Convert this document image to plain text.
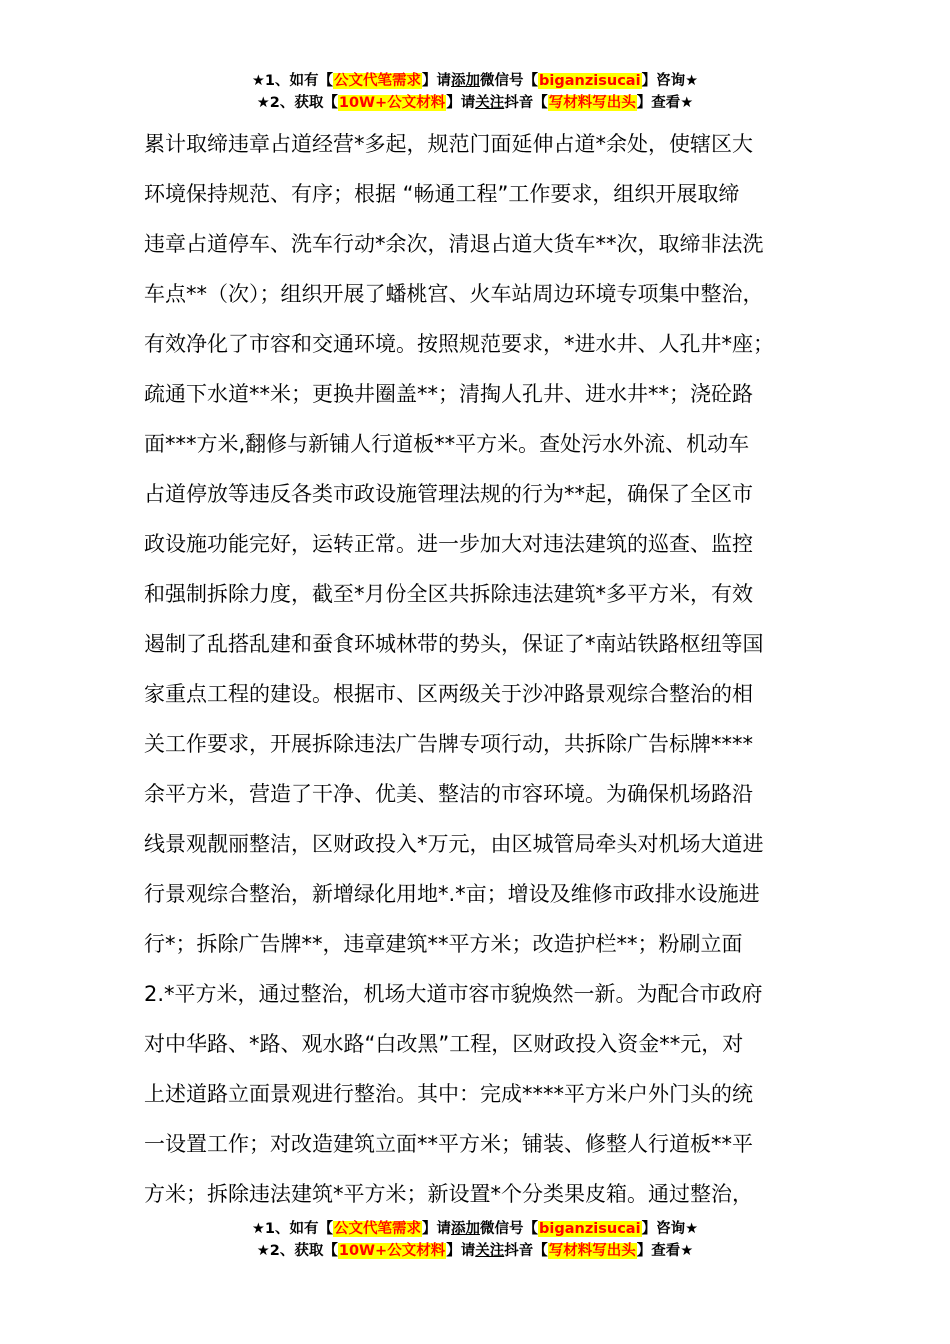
★1、如有【公文代笔需求】请添加微信号【biganzisucai】咨询★
★2、获取【10W+公文材料】请关注抖音【写材料写出头】查看★
累计取缔违章占道经营*多起，规范门面延伸占道*余处，使辖区大
环境保持规范、有序；根据 “畅通工程”工作要求，组织开展取缔
违章占道停车、洗车行动*余次，清退占道大货车**次，取缔非法洗
车点**（次）；组织开展了蟠桃宫、火车站周边环境专项集中整治，
有效净化了市容和交通环境。按照规范要求，*进水井、人孔井*座；
疏通下水道**米；更换井圈盖**；清掏人孔井、进水井**；浇砼路
面***方米,翻修与新铺人行道板**平方米。查处污水外流、机动车
占道停放等违反各类市政设施管理法规的行为**起，确保了全区市
政设施功能完好，运转正常。进一步加大对违法建筑的巡查、监控
和强制拆除力度，截至*月份全区共拆除违法建筑*多平方米，有效
遏制了乱搭乱建和蚕食环城林带的势头，保证了*南站铁路枢纽等国
家重点工程的建设。根据市、区两级关于沙冲路景观综合整治的相
关工作要求，开展拆除违法广告牌专项行动，共拆除广告标牌****
余平方米，营造了干净、优美、整洁的市容环境。为确保机场路沿
线景观靓丽整洁，区财政投入*万元，由区城管局牵头对机场大道进
行景观综合整治，新增绿化用地*.*亩；增设及维修市政排水设施进
行*；拆除广告牌**，违章建筑**平方米；改造护栏**；粉刷立面
2.*平方米，通过整治，机场大道市容市貌焕然一新。为配合市政府
对中华路、*路、观水路“白改黑”工程，区财政投入资金**元，对
上述道路立面景观进行整治。其中：完成****平方米户外门头的统
一设置工作；对改造建筑立面**平方米；铺装、修整人行道板**平
方米；拆除违法建筑*平方米；新设置*个分类果皮箱。通过整治，
★1、如有【公文代笔需求】请添加微信号【biganzisucai】咨询★
★2、获取【10W+公文材料】请关注抖音【写材料写出头】查看★
